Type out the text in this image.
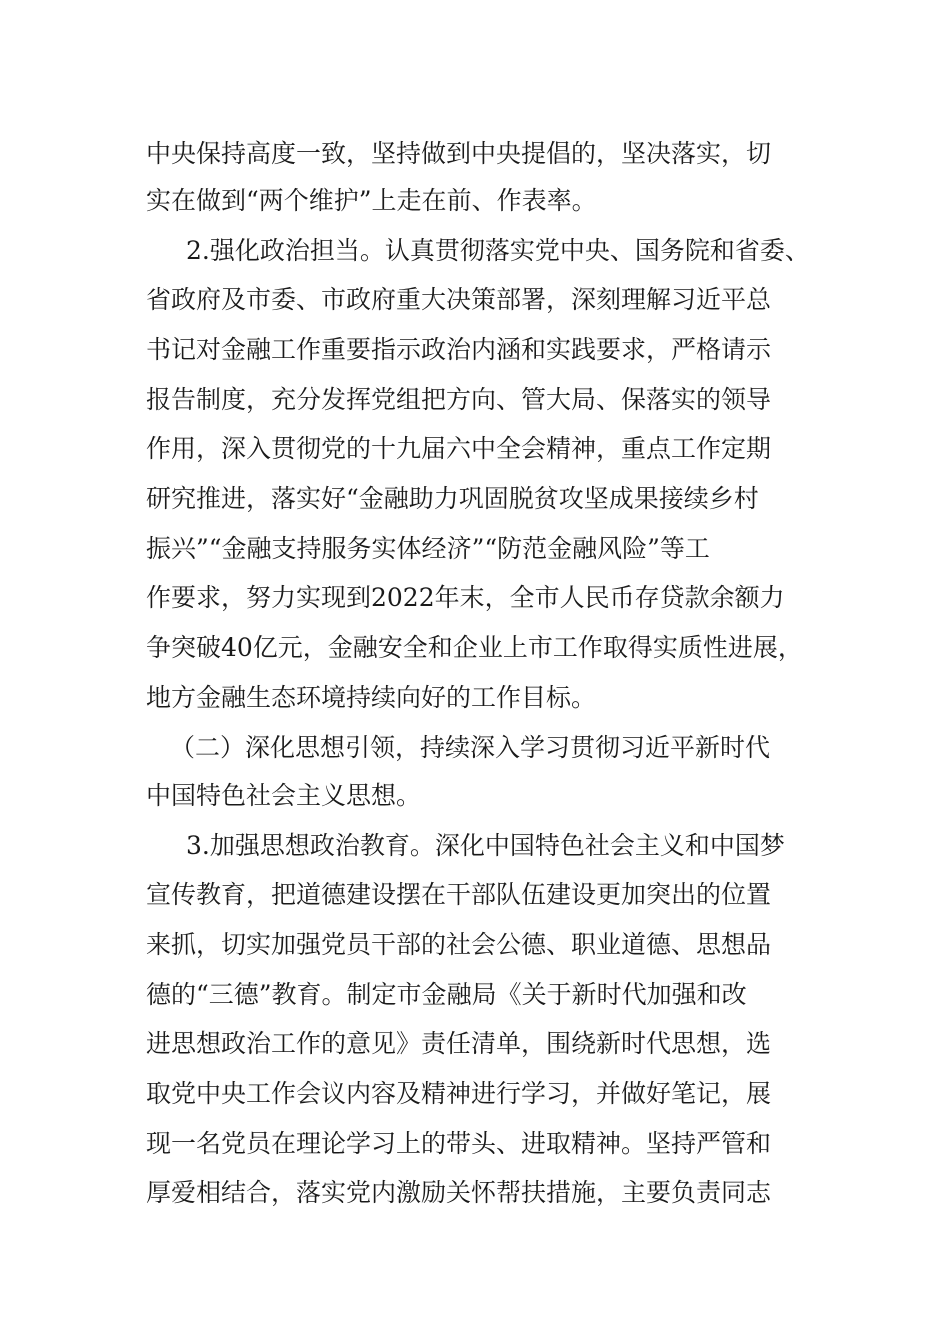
中央保持高度一致，坚持做到中央提倡的，坚决落实，切
实在做到“两个维护”上走在前、作表率。
2.强化政治担当。认真贯彻落实党中央、国务院和省委、
省政府及市委、市政府重大决策部署，深刻理解习近平总
书记对金融工作重要指示政治内涵和实践要求，严格请示
报告制度，充分发挥党组把方向、管大局、保落实的领导
作用，深入贯彻党的十九届六中全会精神，重点工作定期
研究推进，落实好“金融助力巩固脱贫攻坚成果接续乡村
振兴”“金融支持服务实体经济”“防范金融风险”等工
作要求，努力实现到2022年末，全市人民币存贷款余额力
争突破40亿元，金融安全和企业上市工作取得实质性进展，
地方金融生态环境持续向好的工作目标。
（二）深化思想引领，持续深入学习贯彻习近平新时代
中国特色社会主义思想。
3.加强思想政治教育。深化中国特色社会主义和中国梦
宣传教育，把道德建设摆在干部队伍建设更加突出的位置
来抓，切实加强党员干部的社会公德、职业道德、思想品
德的“三德”教育。制定市金融局《关于新时代加强和改
进思想政治工作的意见》责任清单，围绕新时代思想，选
取党中央工作会议内容及精神进行学习，并做好笔记，展
现一名党员在理论学习上的带头、进取精神。坚持严管和
厚爱相结合，落实党内激励关怀帮扶措施，主要负责同志
